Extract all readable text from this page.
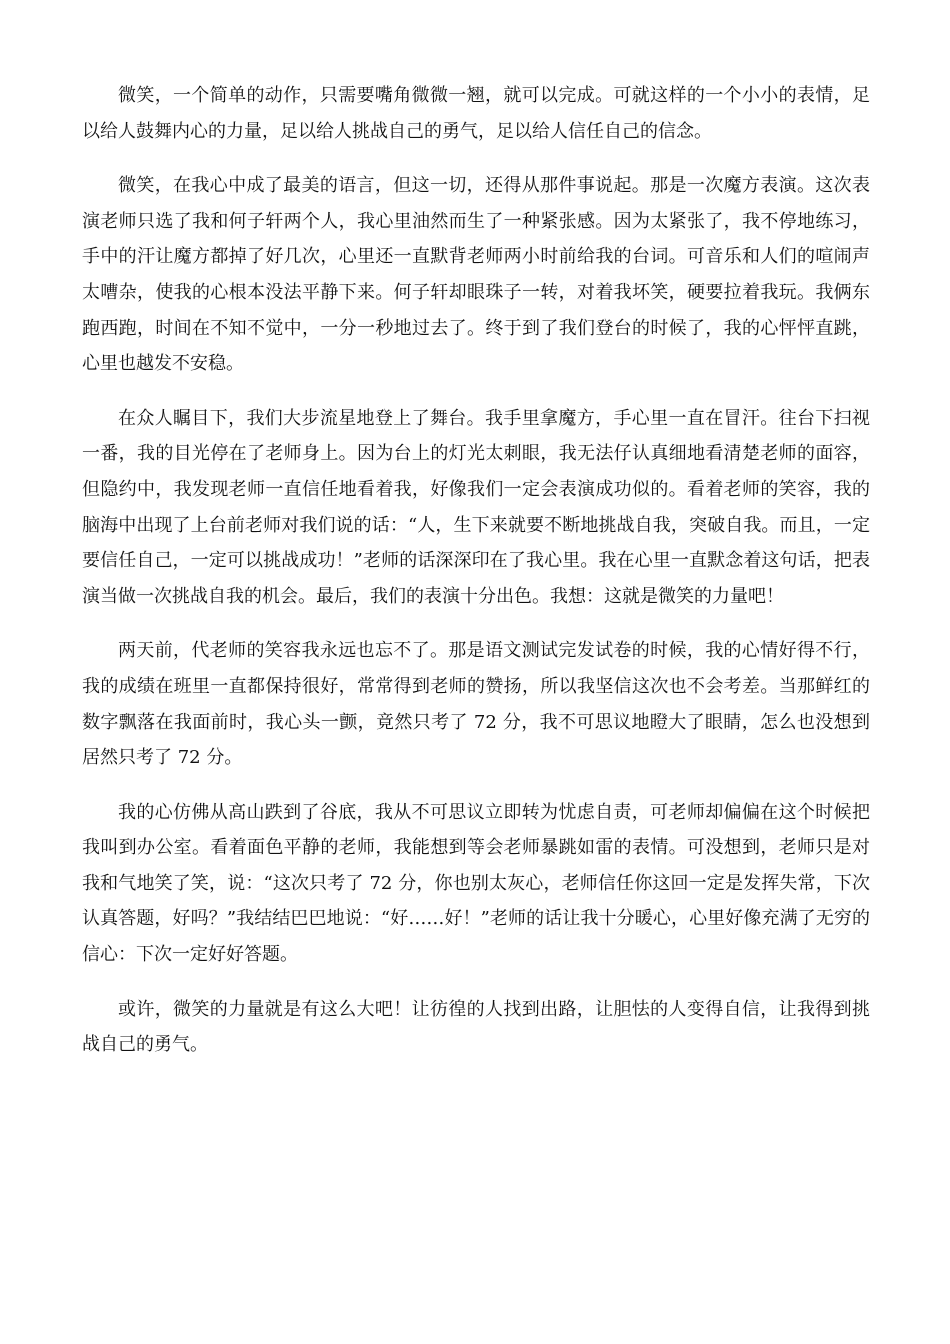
微笑，一个简单的动作，只需要嘴角微微一翘，就可以完成。可就这样的一个小小的表情，足以给人鼓舞内心的力量，足以给人挑战自己的勇气，足以给人信任自己的信念。

微笑，在我心中成了最美的语言，但这一切，还得从那件事说起。那是一次魔方表演。这次表演老师只选了我和何子轩两个人，我心里油然而生了一种紧张感。因为太紧张了，我不停地练习，手中的汗让魔方都掉了好几次，心里还一直默背老师两小时前给我的台词。可音乐和人们的喧闹声太嘈杂，使我的心根本没法平静下来。何子轩却眼珠子一转，对着我坏笑，硬要拉着我玩。我俩东跑西跑，时间在不知不觉中，一分一秒地过去了。终于到了我们登台的时候了，我的心怦怦直跳，心里也越发不安稳。

在众人瞩目下，我们大步流星地登上了舞台。我手里拿魔方，手心里一直在冒汗。往台下扫视一番，我的目光停在了老师身上。因为台上的灯光太刺眼，我无法仔认真细地看清楚老师的面容，但隐约中，我发现老师一直信任地看着我，好像我们一定会表演成功似的。看着老师的笑容，我的脑海中出现了上台前老师对我们说的话：“人，生下来就要不断地挑战自我，突破自我。而且，一定要信任自己，一定可以挑战成功！”老师的话深深印在了我心里。我在心里一直默念着这句话，把表演当做一次挑战自我的机会。最后，我们的表演十分出色。我想：这就是微笑的力量吧！

两天前，代老师的笑容我永远也忘不了。那是语文测试完发试卷的时候，我的心情好得不行，我的成绩在班里一直都保持很好，常常得到老师的赞扬，所以我坚信这次也不会考差。当那鲜红的数字飘落在我面前时，我心头一颤，竟然只考了 72 分，我不可思议地瞪大了眼睛，怎么也没想到居然只考了 72 分。

我的心仿佛从高山跌到了谷底，我从不可思议立即转为忧虑自责，可老师却偏偏在这个时候把我叫到办公室。看着面色平静的老师，我能想到等会老师暴跳如雷的表情。可没想到，老师只是对我和气地笑了笑，说：“这次只考了 72 分，你也别太灰心，老师信任你这回一定是发挥失常，下次认真答题，好吗？”我结结巴巴地说：“好……好！”老师的话让我十分暖心，心里好像充满了无穷的信心：下次一定好好答题。

或许，微笑的力量就是有这么大吧！让彷徨的人找到出路，让胆怯的人变得自信，让我得到挑战自己的勇气。
